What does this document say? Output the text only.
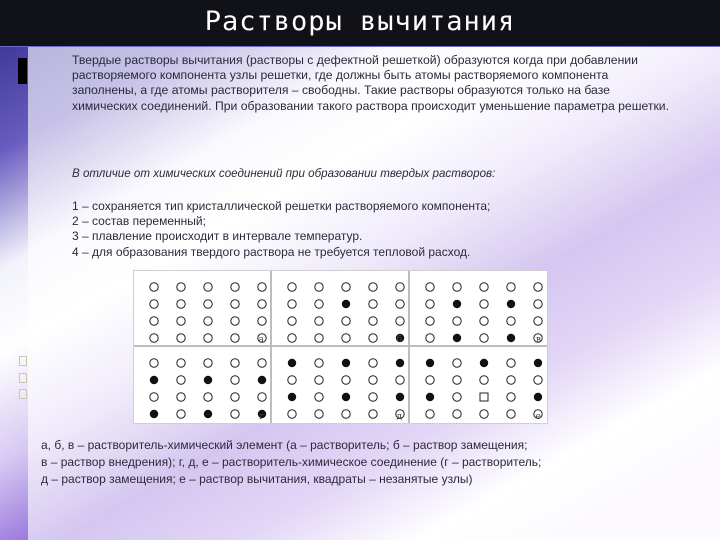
Растворы вычитания
Твердые растворы вычитания (растворы с дефектной решеткой) образуются когда при добавлении растворяемого компонента узлы решетки, где должны быть атомы растворяемого компонента заполнены, а где атомы растворителя – свободны. Такие растворы образуются только на базе химических соединений. При образовании такого раствора происходит уменьшение параметра решетки.
В отличие от химических соединений при образовании твердых растворов:
1 – сохраняется тип кристаллической решетки растворяемого компонента;
2 – состав переменный;
3 – плавление происходит в интервале температур.
4 – для образования твердого раствора не требуется тепловой расход.
а	б	в
г	д	е
а, б, в – растворитель-химический элемент (а – растворитель; б – раствор замещения;
в – раствор внедрения); г, д, е – растворитель-химическое соединение (г – растворитель;
д – раствор замещения; е – раствор вычитания, квадраты – незанятые узлы)
